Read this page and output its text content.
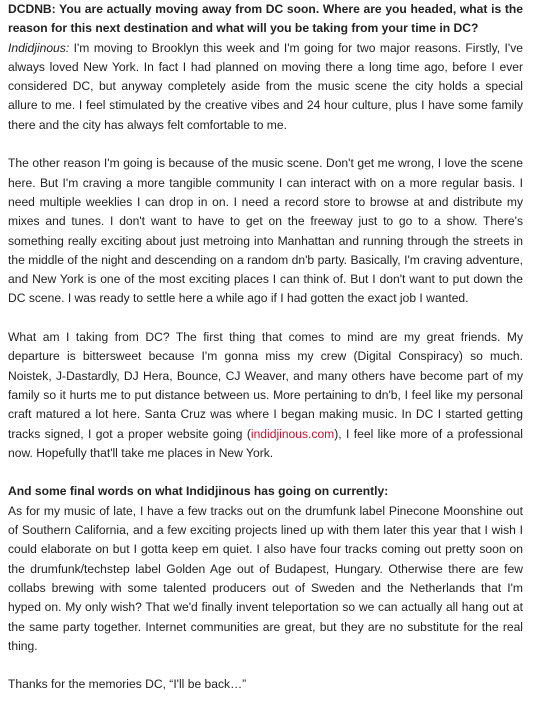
DCDNB: You are actually moving away from DC soon. Where are you headed, what is the reason for this next destination and what will you be taking from your time in DC?

Indidjinous: I'm moving to Brooklyn this week and I'm going for two major reasons. Firstly, I've always loved New York. In fact I had planned on moving there a long time ago, before I ever considered DC, but anyway completely aside from the music scene the city holds a special allure to me. I feel stimulated by the creative vibes and 24 hour culture, plus I have some family there and the city has always felt comfortable to me.

The other reason I'm going is because of the music scene. Don't get me wrong, I love the scene here. But I'm craving a more tangible community I can interact with on a more regular basis. I need multiple weeklies I can drop in on. I need a record store to browse at and distribute my mixes and tunes. I don't want to have to get on the freeway just to go to a show. There's something really exciting about just metroing into Manhattan and running through the streets in the middle of the night and descending on a random dn'b party. Basically, I'm craving adventure, and New York is one of the most exciting places I can think of. But I don't want to put down the DC scene. I was ready to settle here a while ago if I had gotten the exact job I wanted.

What am I taking from DC? The first thing that comes to mind are my great friends. My departure is bittersweet because I'm gonna miss my crew (Digital Conspiracy) so much. Noistek, J-Dastardly, DJ Hera, Bounce, CJ Weaver, and many others have become part of my family so it hurts me to put distance between us. More pertaining to dn'b, I feel like my personal craft matured a lot here. Santa Cruz was where I began making music. In DC I started getting tracks signed, I got a proper website going (indidjinous.com), I feel like more of a professional now. Hopefully that'll take me places in New York.

And some final words on what Indidjinous has going on currently:

As for my music of late, I have a few tracks out on the drumfunk label Pinecone Moonshine out of Southern California, and a few exciting projects lined up with them later this year that I wish I could elaborate on but I gotta keep em quiet. I also have four tracks coming out pretty soon on the drumfunk/techstep label Golden Age out of Budapest, Hungary. Otherwise there are few collabs brewing with some talented producers out of Sweden and the Netherlands that I'm hyped on. My only wish? That we'd finally invent teleportation so we can actually all hang out at the same party together. Internet communities are great, but they are no substitute for the real thing.

Thanks for the memories DC, “I'll be back…”
